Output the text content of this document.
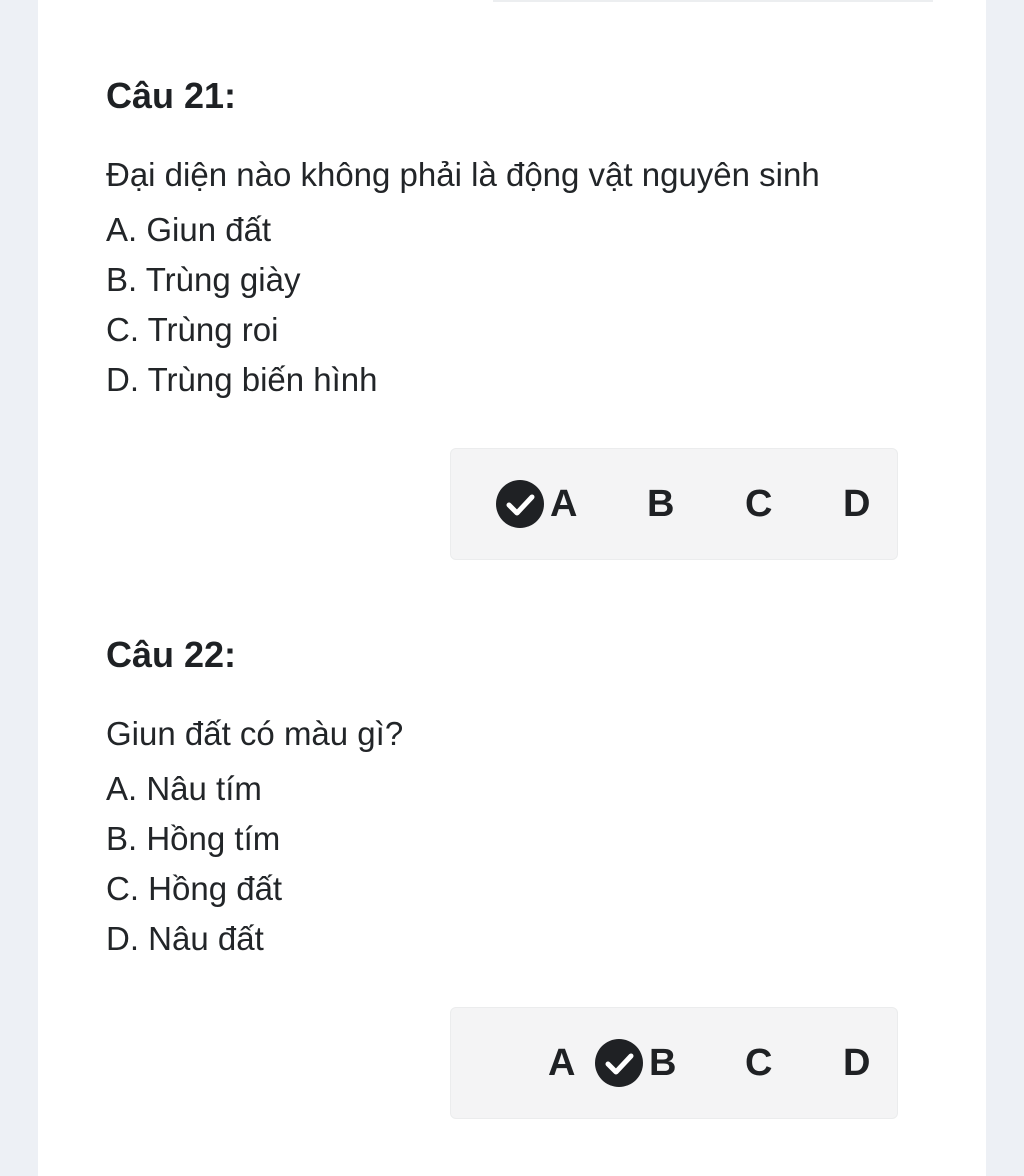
Câu 21:
Đại diện nào không phải là động vật nguyên sinh
A. Giun đất
B. Trùng giày
C. Trùng roi
D. Trùng biến hình
A B C D
Câu 22:
Giun đất có màu gì?
A. Nâu tím
B. Hồng tím
C. Hồng đất
D. Nâu đất
A B C D
